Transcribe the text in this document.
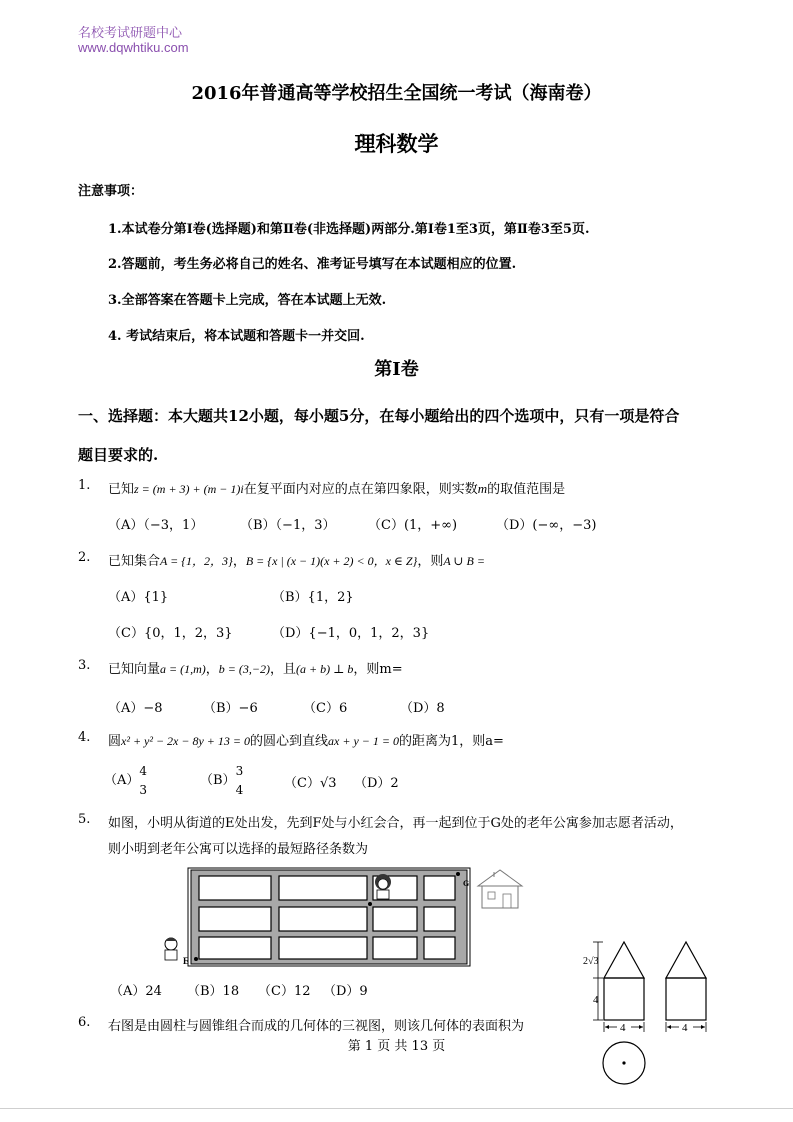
名校考试研题中心
www.dqwhtiku.com
2016年普通高等学校招生全国统一考试（海南卷）
理科数学
注意事项：
1.本试卷分第Ⅰ卷(选择题)和第Ⅱ卷(非选择题)两部分.第Ⅰ卷1至3页，第Ⅱ卷3至5页.
2.答题前，考生务必将自己的姓名、准考证号填写在本试题相应的位置.
3.全部答案在答题卡上完成，答在本试题上无效.
4. 考试结束后，将本试题和答题卡一并交回.
第Ⅰ卷
一、选择题：本大题共12小题，每小题5分，在每小题给出的四个选项中，只有一项是符合
题目要求的.
1. 已知z = (m + 3) + (m − 1)i在复平面内对应的点在第四象限，则实数m的取值范围是
（A）（−3，1）	（B）（−1，3）	（C）(1，+∞)	（D）(−∞，−3)
2. 已知集合A = {1，2，3}，B = {x | (x − 1)(x + 2) < 0，x ∈ Z}，则A ∪ B =
（A）{1}	（B）{1，2}
（C）{0，1，2，3}	（D）{−1，0，1，2，3}
3. 已知向量a = (1,m)，b = (3,−2)，且(a + b) ⊥ b，则m=
（A）−8	（B）−6	（C）6	（D）8
4. 圆x² + y² − 2x − 8y + 13 = 0的圆心到直线ax + y − 1 = 0的距离为1，则a=
$(A) \frac{4}{3}$	$(B) \frac{3}{4}$	（C）√3 （D）2
5. 如图，小明从街道的E处出发，先到F处与小红会合，再一起到位于G处的老年公寓参加志愿者活动，
则小明到老年公寓可以选择的最短路径条数为
E
G
（A）24 （B）18 （C）12 （D）9
6. 右图是由圆柱与圆锥组合而成的几何体的三视图，则该几何体的表面积为
2√3
4
4	4
第 1 页 共 13 页
